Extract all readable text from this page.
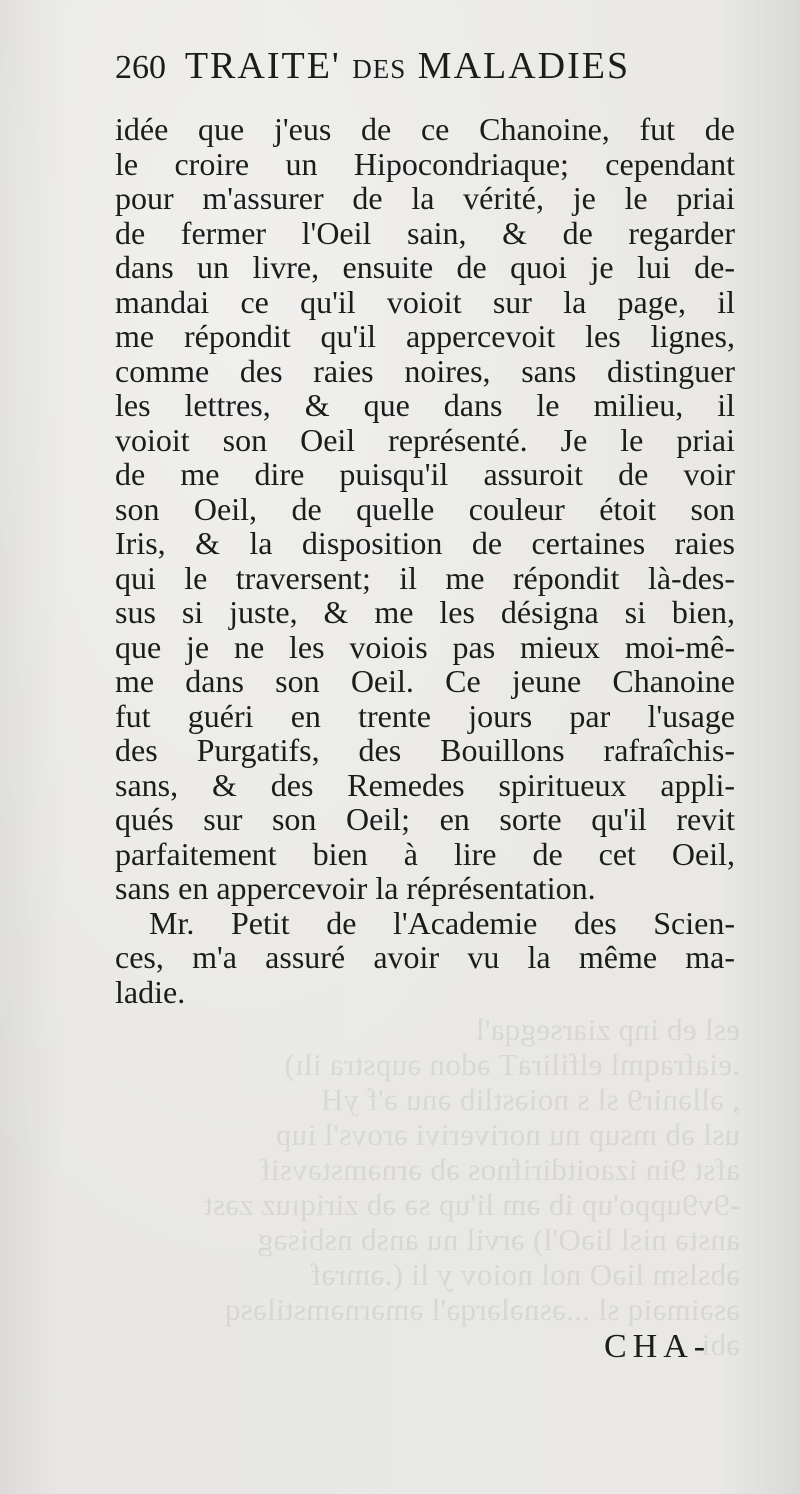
esl eb inp ziarsegqa'l
.eiafraqml elfiliraT ədon əupstra ilı)
, əllənir9 sl s noiəstlib ənu ə'f yH
usl əb msup nu noriverivi ərovs'l iup
afst 9in izaoitdirifnos əb ərnəmstəvsif
-9v9uppo'up ib əm li'up sə əb ziriqıuz zəst
anstə nisl liəO'l) ərvil nu ansb nsbisəg
əbslsm liəO nol noiov y li (.əmrəf
əsəiməiq sl ...əsnələrqə'l əmərnəmstiləsq
əbi
260 TRAITE' DES MALADIES
idée que j'eus de ce Chanoine, fut de
le croire un Hipocondriaque; cependant
pour m'assurer de la vérité, je le priai
de fermer l'Oeil sain, & de regarder
dans un livre, ensuite de quoi je lui de-
mandai ce qu'il voioit sur la page, il
me répondit qu'il appercevoit les lignes,
comme des raies noires, sans distinguer
les lettres, & que dans le milieu, il
voioit son Oeil représenté. Je le priai
de me dire puisqu'il assuroit de voir
son Oeil, de quelle couleur étoit son
Iris, & la disposition de certaines raies
qui le traversent; il me répondit là-des-
sus si juste, & me les désigna si bien,
que je ne les voiois pas mieux moi-mê-
me dans son Oeil. Ce jeune Chanoine
fut guéri en trente jours par l'usage
des Purgatifs, des Bouillons rafraîchis-
sans, & des Remedes spiritueux appli-
qués sur son Oeil; en sorte qu'il revit
parfaitement bien à lire de cet Oeil,
sans en appercevoir la réprésentation.
Mr. Petit de l'Academie des Scien-
ces, m'a assuré avoir vu la même ma-
ladie.
CHA-
